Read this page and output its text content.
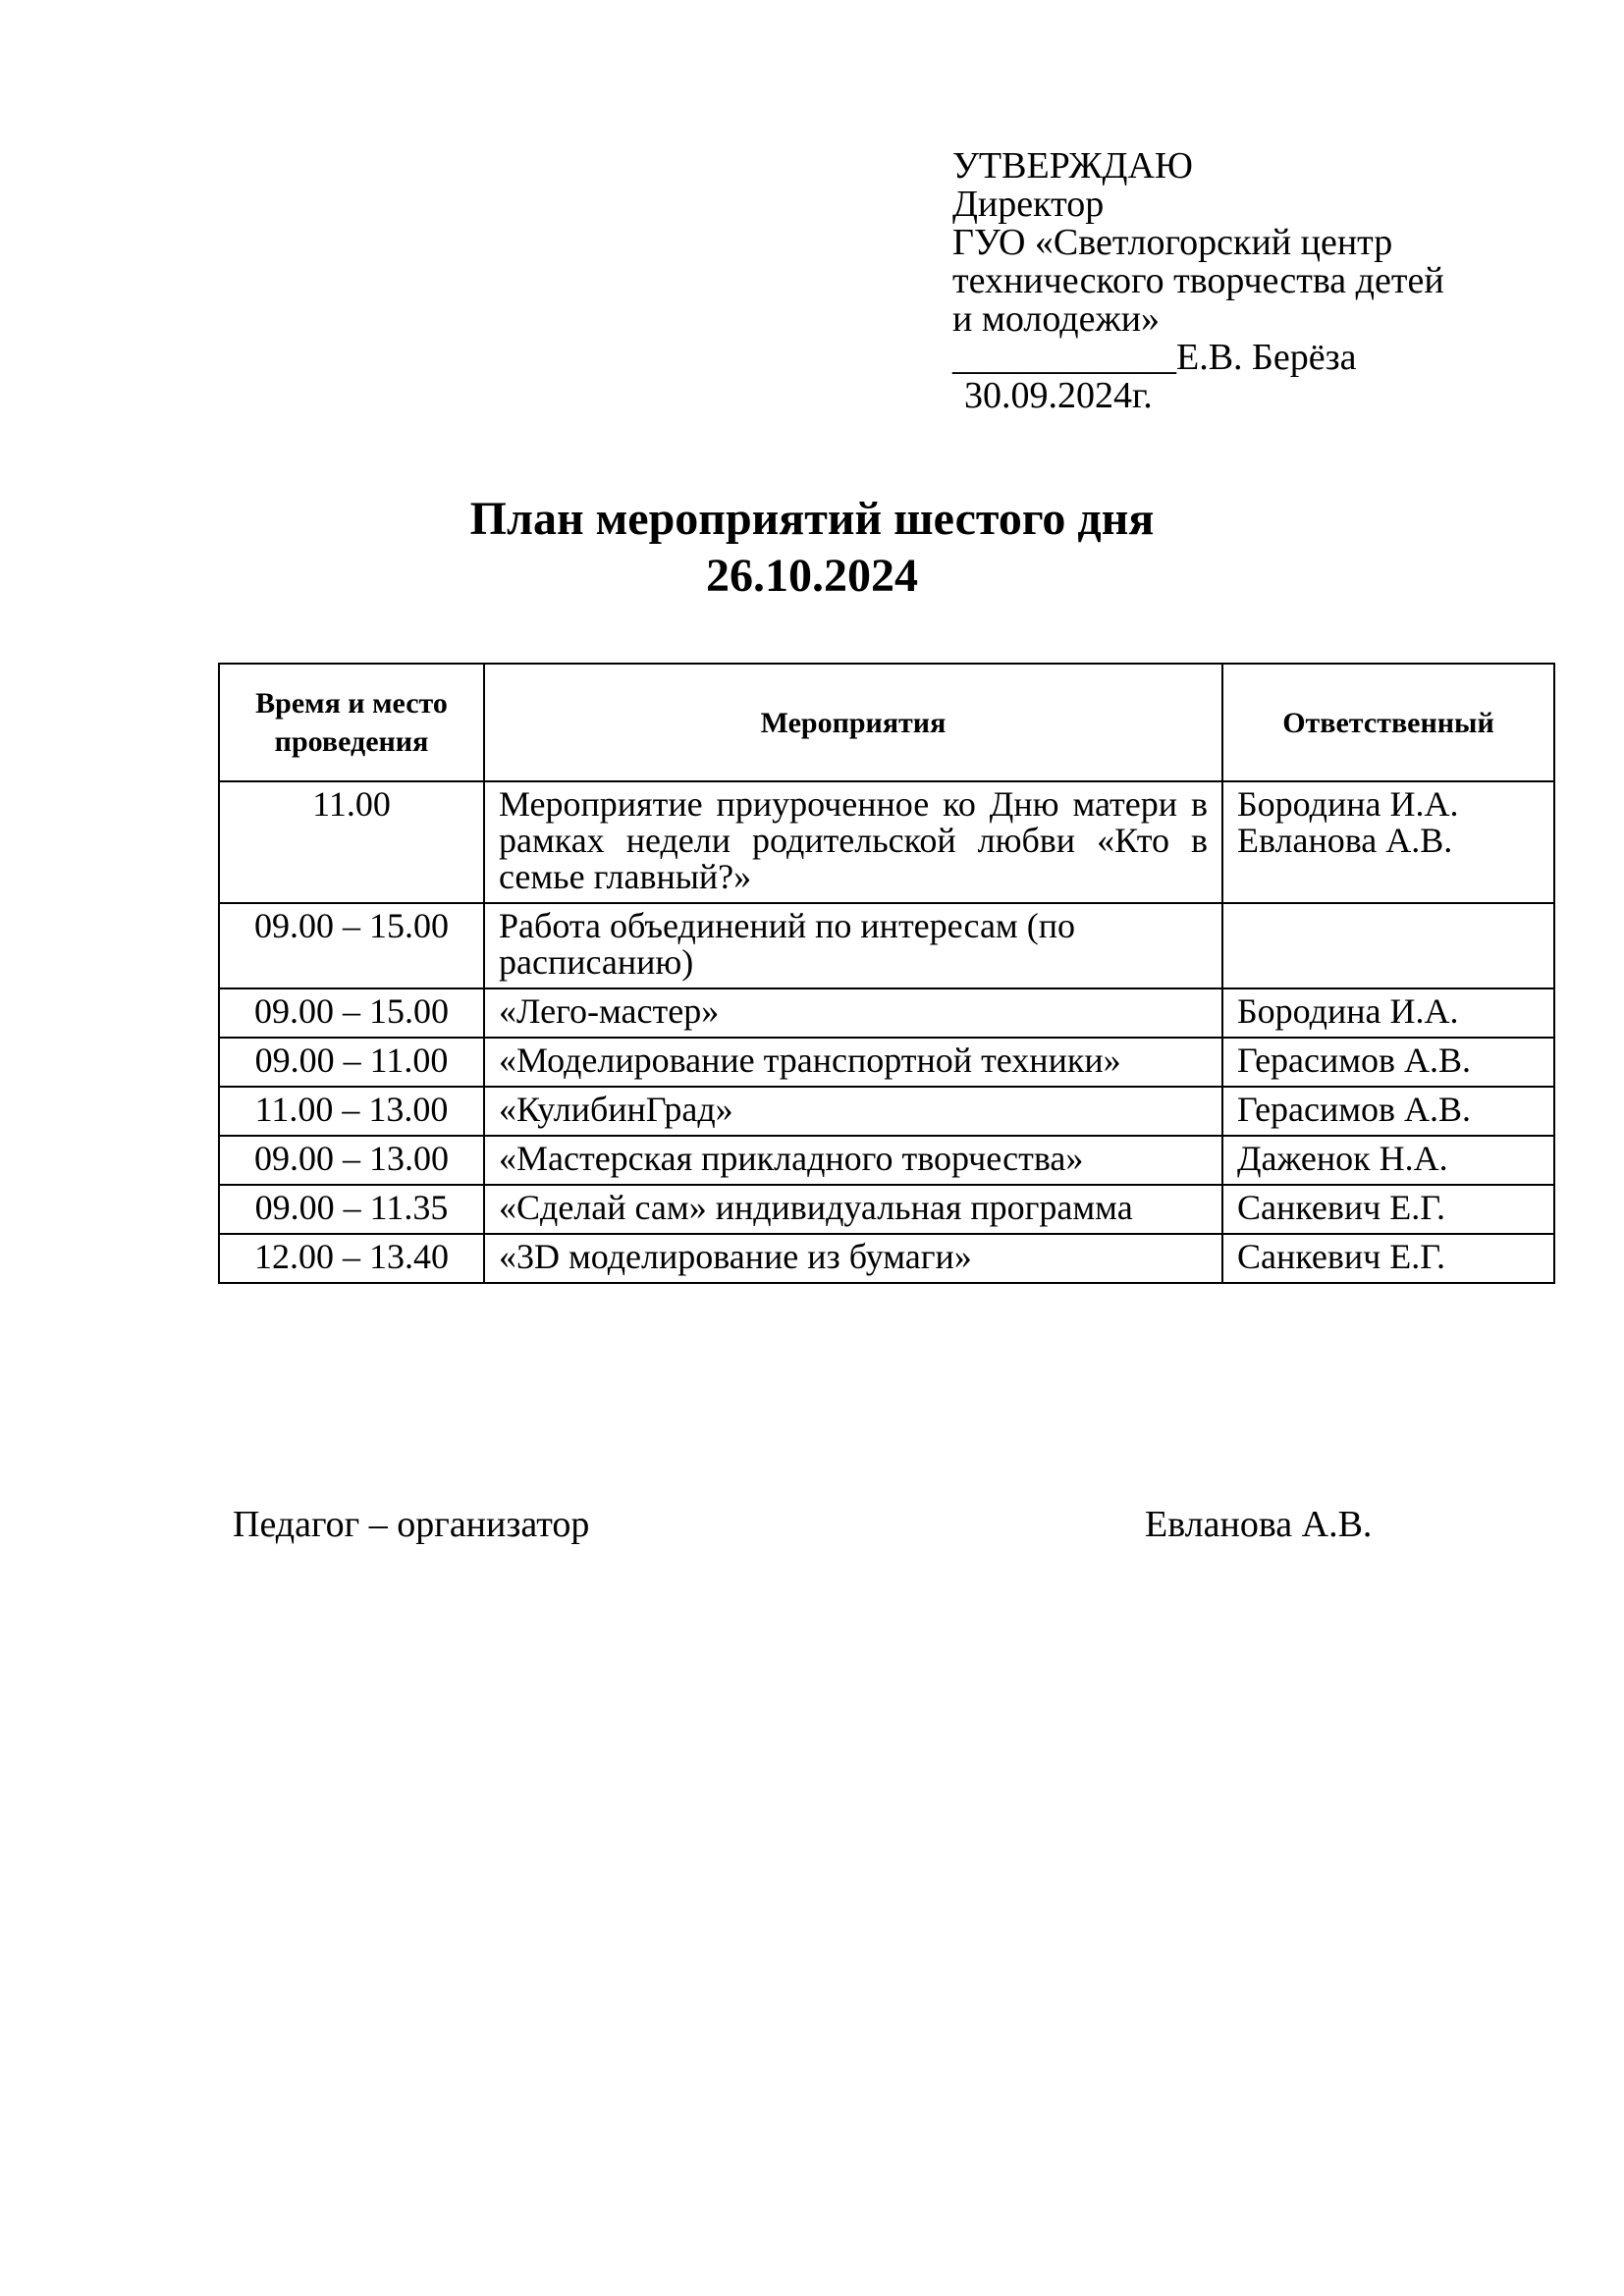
УТВЕРЖДАЮ
Директор
ГУО «Светлогорский центр
технического творчества детей
и молодежи»
____________Е.В. Берёза
30.09.2024г.
План мероприятий шестого дня
26.10.2024
Время и место проведения	Мероприятия	Ответственный
11.00	Мероприятие приуроченное ко Дню матери в рамках недели родительской любви «Кто в семье главный?»	Бородина И.А. Евланова А.В.
09.00 – 15.00	Работа объединений по интересам (по расписанию)	
09.00 – 15.00	«Лего-мастер»	Бородина И.А.
09.00 – 11.00	«Моделирование транспортной техники»	Герасимов А.В.
11.00 – 13.00	«КулибинГрад»	Герасимов А.В.
09.00 – 13.00	«Мастерская прикладного творчества»	Даженок Н.А.
09.00 – 11.35	«Сделай сам» индивидуальная программа	Санкевич Е.Г.
12.00 – 13.40	«3D моделирование из бумаги»	Санкевич Е.Г.
Педагог – организатор	Евланова А.В.
